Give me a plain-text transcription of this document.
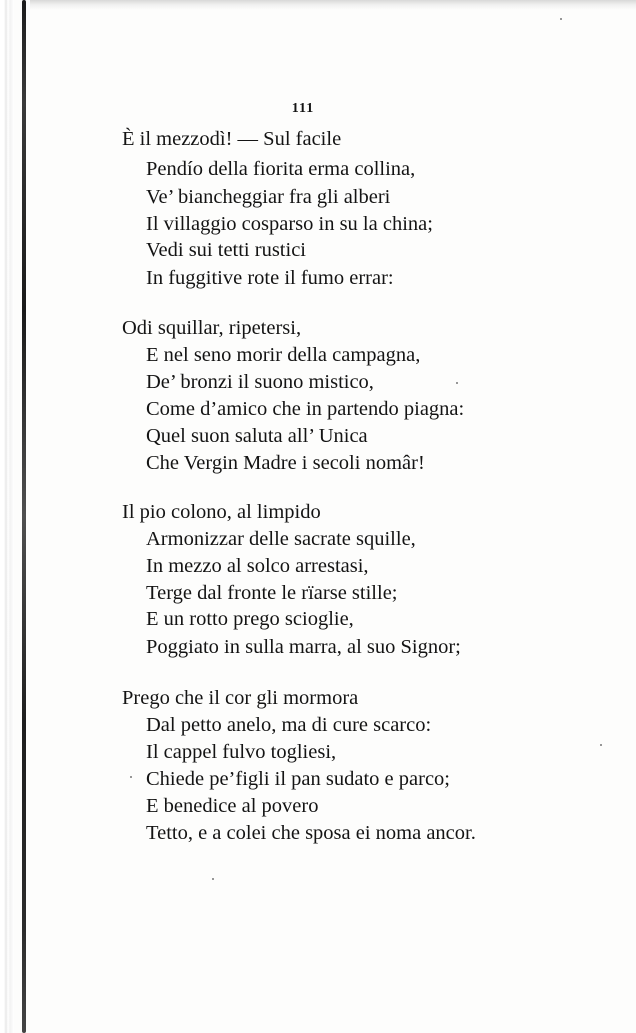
111
È il mezzodì! — Sul facile
Pendío della fiorita erma collina,
Ve’ biancheggiar fra gli alberi
Il villaggio cosparso in su la china;
Vedi sui tetti rustici
In fuggitive rote il fumo errar:
Odi squillar, ripetersi,
E nel seno morir della campagna,
De’ bronzi il suono mistico,
Come d’amico che in partendo piagna:
Quel suon saluta all’ Unica
Che Vergin Madre i secoli nomâr!
Il pio colono, al limpido
Armonizzar delle sacrate squille,
In mezzo al solco arrestasi,
Terge dal fronte le rïarse stille;
E un rotto prego scioglie,
Poggiato in sulla marra, al suo Signor;
Prego che il cor gli mormora
Dal petto anelo, ma di cure scarco:
Il cappel fulvo togliesi,
Chiede pe’figli il pan sudato e parco;
E benedice al povero
Tetto, e a colei che sposa ei noma ancor.
